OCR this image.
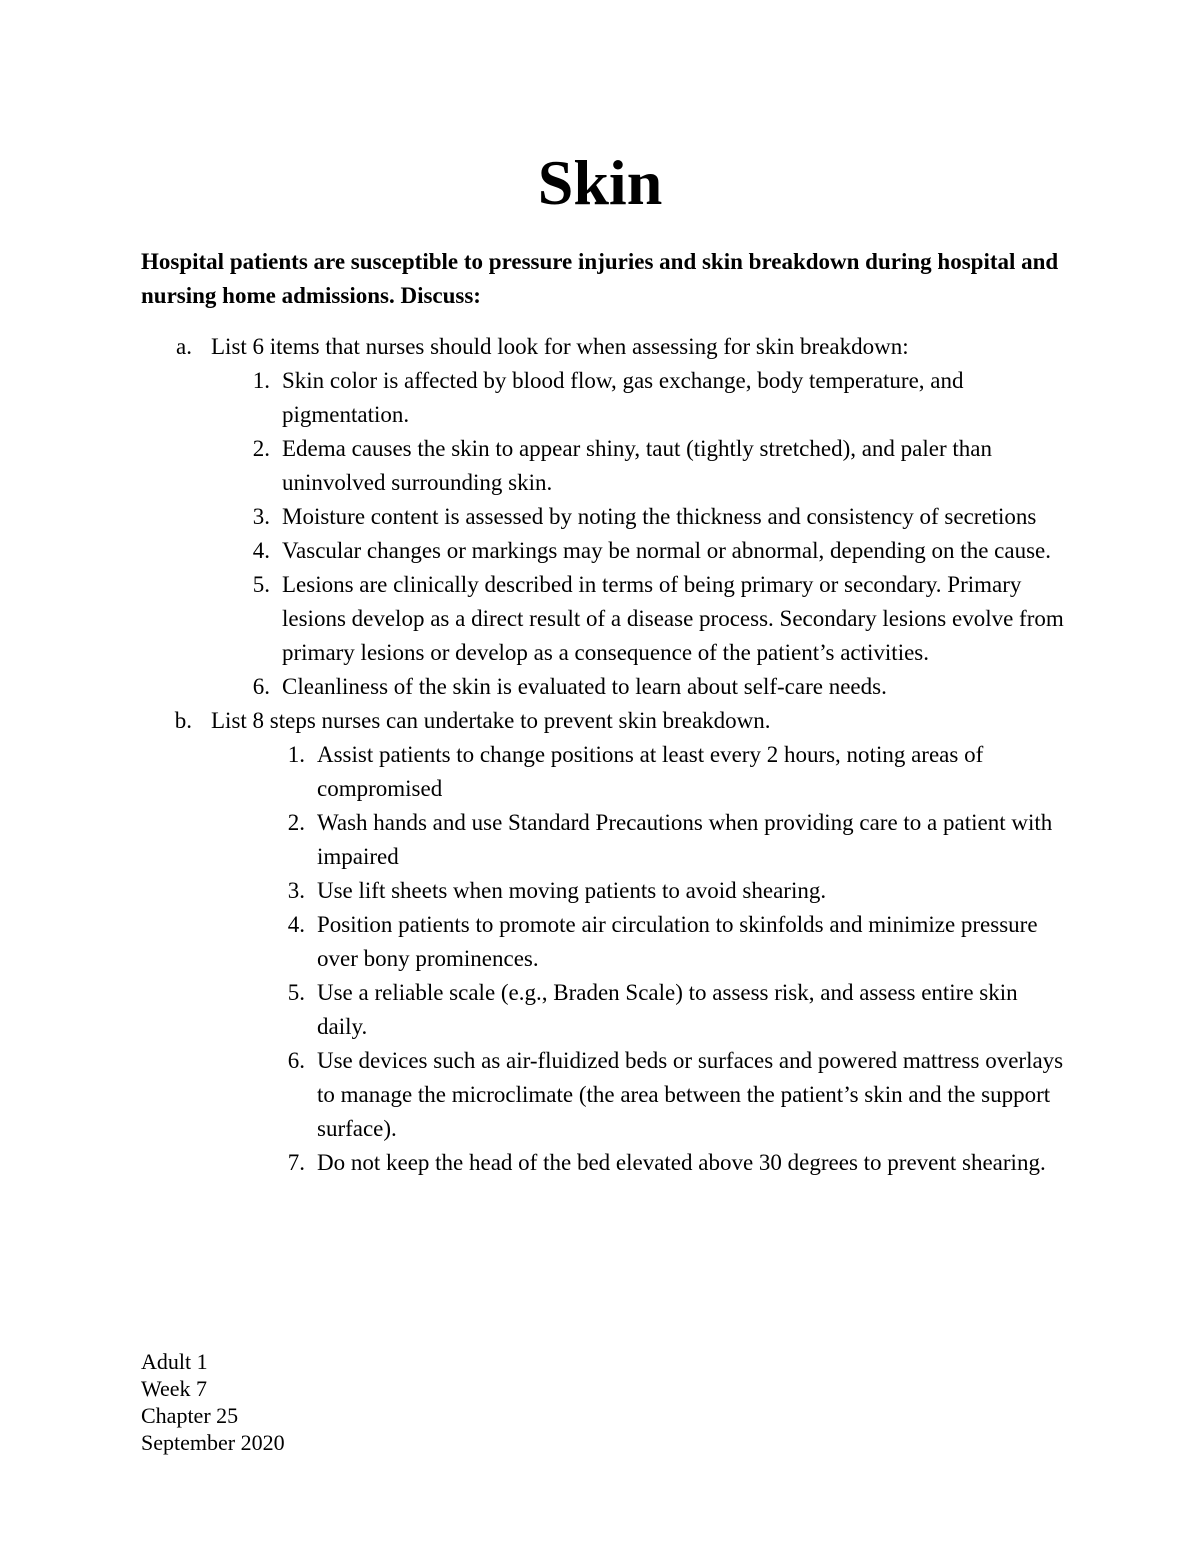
Skin
Hospital patients are susceptible to pressure injuries and skin breakdown during hospital and nursing home admissions. Discuss:
a. List 6 items that nurses should look for when assessing for skin breakdown:
1. Skin color is affected by blood flow, gas exchange, body temperature, and pigmentation.
2. Edema causes the skin to appear shiny, taut (tightly stretched), and paler than uninvolved surrounding skin.
3. Moisture content is assessed by noting the thickness and consistency of secretions
4. Vascular changes or markings may be normal or abnormal, depending on the cause.
5. Lesions are clinically described in terms of being primary or secondary. Primary lesions develop as a direct result of a disease process. Secondary lesions evolve from primary lesions or develop as a consequence of the patient’s activities.
6. Cleanliness of the skin is evaluated to learn about self-care needs.
b. List 8 steps nurses can undertake to prevent skin breakdown.
1. Assist patients to change positions at least every 2 hours, noting areas of compromised
2. Wash hands and use Standard Precautions when providing care to a patient with impaired
3. Use lift sheets when moving patients to avoid shearing.
4. Position patients to promote air circulation to skinfolds and minimize pressure over bony prominences.
5. Use a reliable scale (e.g., Braden Scale) to assess risk, and assess entire skin daily.
6. Use devices such as air-fluidized beds or surfaces and powered mattress overlays to manage the microclimate (the area between the patient’s skin and the support surface).
7. Do not keep the head of the bed elevated above 30 degrees to prevent shearing.
Adult 1
Week 7
Chapter 25
September 2020
